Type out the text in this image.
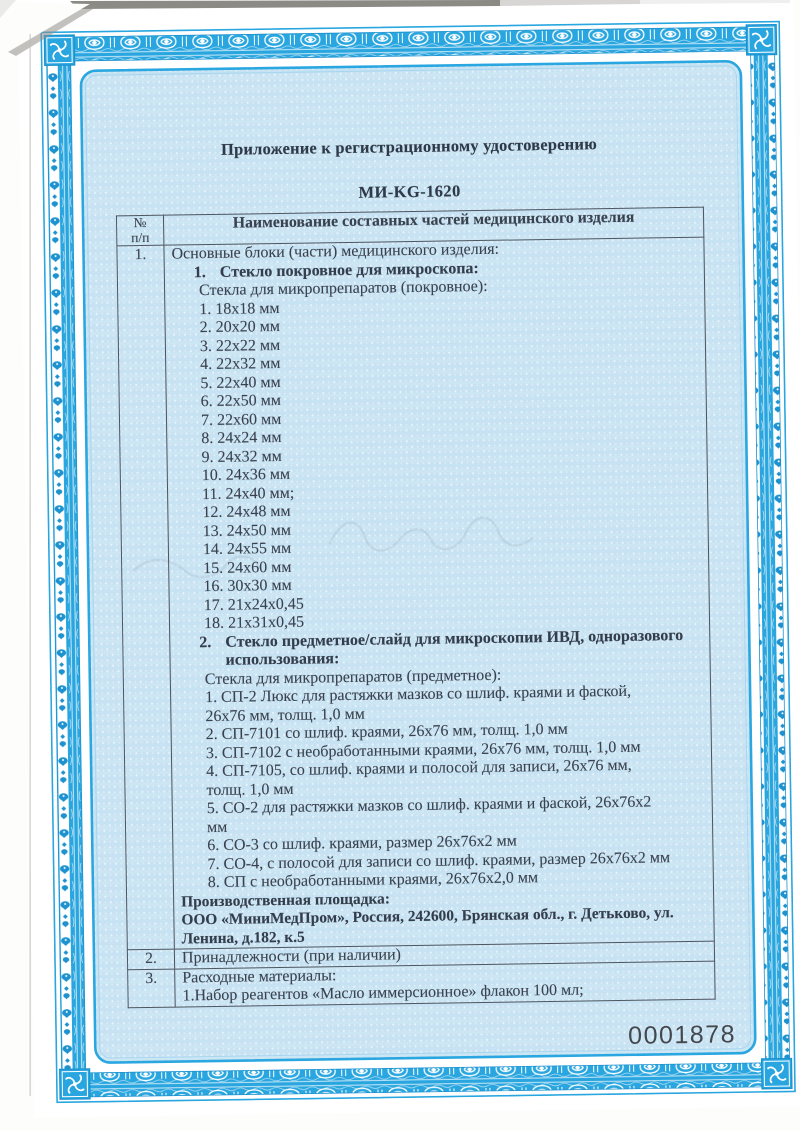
Приложение к регистрационному удостоверению
МИ-KG-1620
№
п/п	Наименование составных частей медицинского изделия
1.	Основные блоки (части) медицинского изделия:
1. Стекло покровное для микроскопа:
Стекла для микропрепаратов (покровное):
1. 18х18 мм
2. 20х20 мм
3. 22х22 мм
4. 22х32 мм
5. 22х40 мм
6. 22х50 мм
7. 22х60 мм
8. 24х24 мм
9. 24х32 мм
10. 24х36 мм
11. 24х40 мм;
12. 24х48 мм
13. 24х50 мм
14. 24х55 мм
15. 24х60 мм
16. 30х30 мм
17. 21х24х0,45
18. 21х31х0,45
2. Стекло предметное/слайд для микроскопии ИВД, одноразового
использования:
Стекла для микропрепаратов (предметное):
1. СП-2 Люкс для растяжки мазков со шлиф. краями и фаской,
26х76 мм, толщ. 1,0 мм
2. СП-7101 со шлиф. краями, 26х76 мм, толщ. 1,0 мм
3. СП-7102 с необработанными краями, 26х76 мм, толщ. 1,0 мм
4. СП-7105, со шлиф. краями и полосой для записи, 26х76 мм,
толщ. 1,0 мм
5. СО-2 для растяжки мазков со шлиф. краями и фаской, 26х76х2
мм
6. СО-3 со шлиф. краями, размер 26х76х2 мм
7. СО-4, с полосой для записи со шлиф. краями, размер 26х76х2 мм
8. СП с необработанными краями, 26х76х2,0 мм
Производственная площадка:
ООО «МиниМедПром», Россия, 242600, Брянская обл., г. Детьково, ул.
Ленина, д.182, к.5

2.	Принадлежности (при наличии)

3.	Расходные материалы:
1.Набор реагентов «Масло иммерсионное» флакон 100 мл;
0001878
